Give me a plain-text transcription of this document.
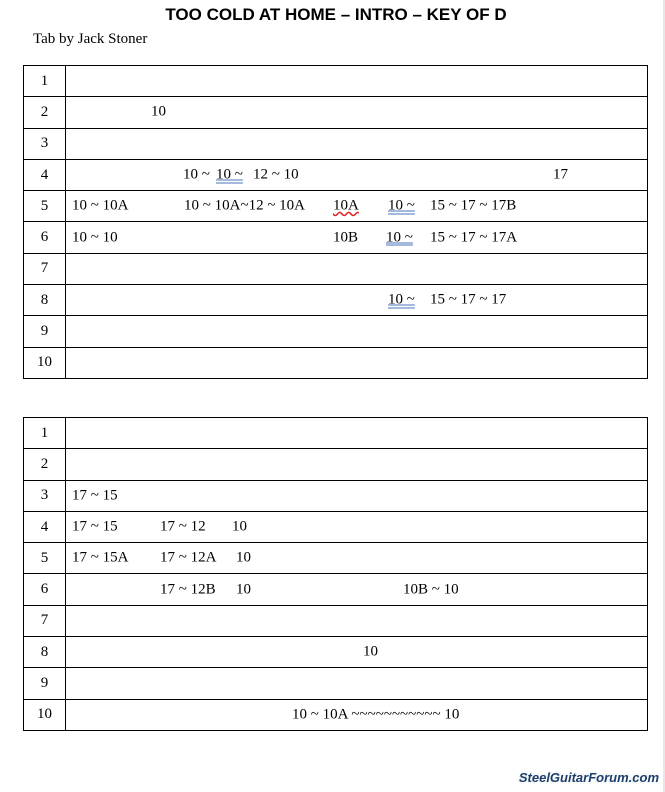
TOO COLD AT HOME – INTRO – KEY OF D
Tab by Jack Stoner
1	
2	10

3	
4	10 ~ 10 ~ 12 ~ 10 17

5	10 ~ 10A 10 ~ 10A~12 ~ 10A 10A 10 ~ 15 ~ 17 ~ 17B

6	10 ~ 10 10B 10 ~ 15 ~ 17 ~ 17A

7	
8	10 ~ 15 ~ 17 ~ 17

9	
10	
1	
2	
3	17 ~ 15

4	17 ~ 15 17 ~ 12 10

5	17 ~ 15A 17 ~ 12A 10

6	17 ~ 12B 10 10B ~ 10

7	
8	10

9	
10	10 ~ 10A ~~~~~~~~~~~ 10
SteelGuitarForum.com
